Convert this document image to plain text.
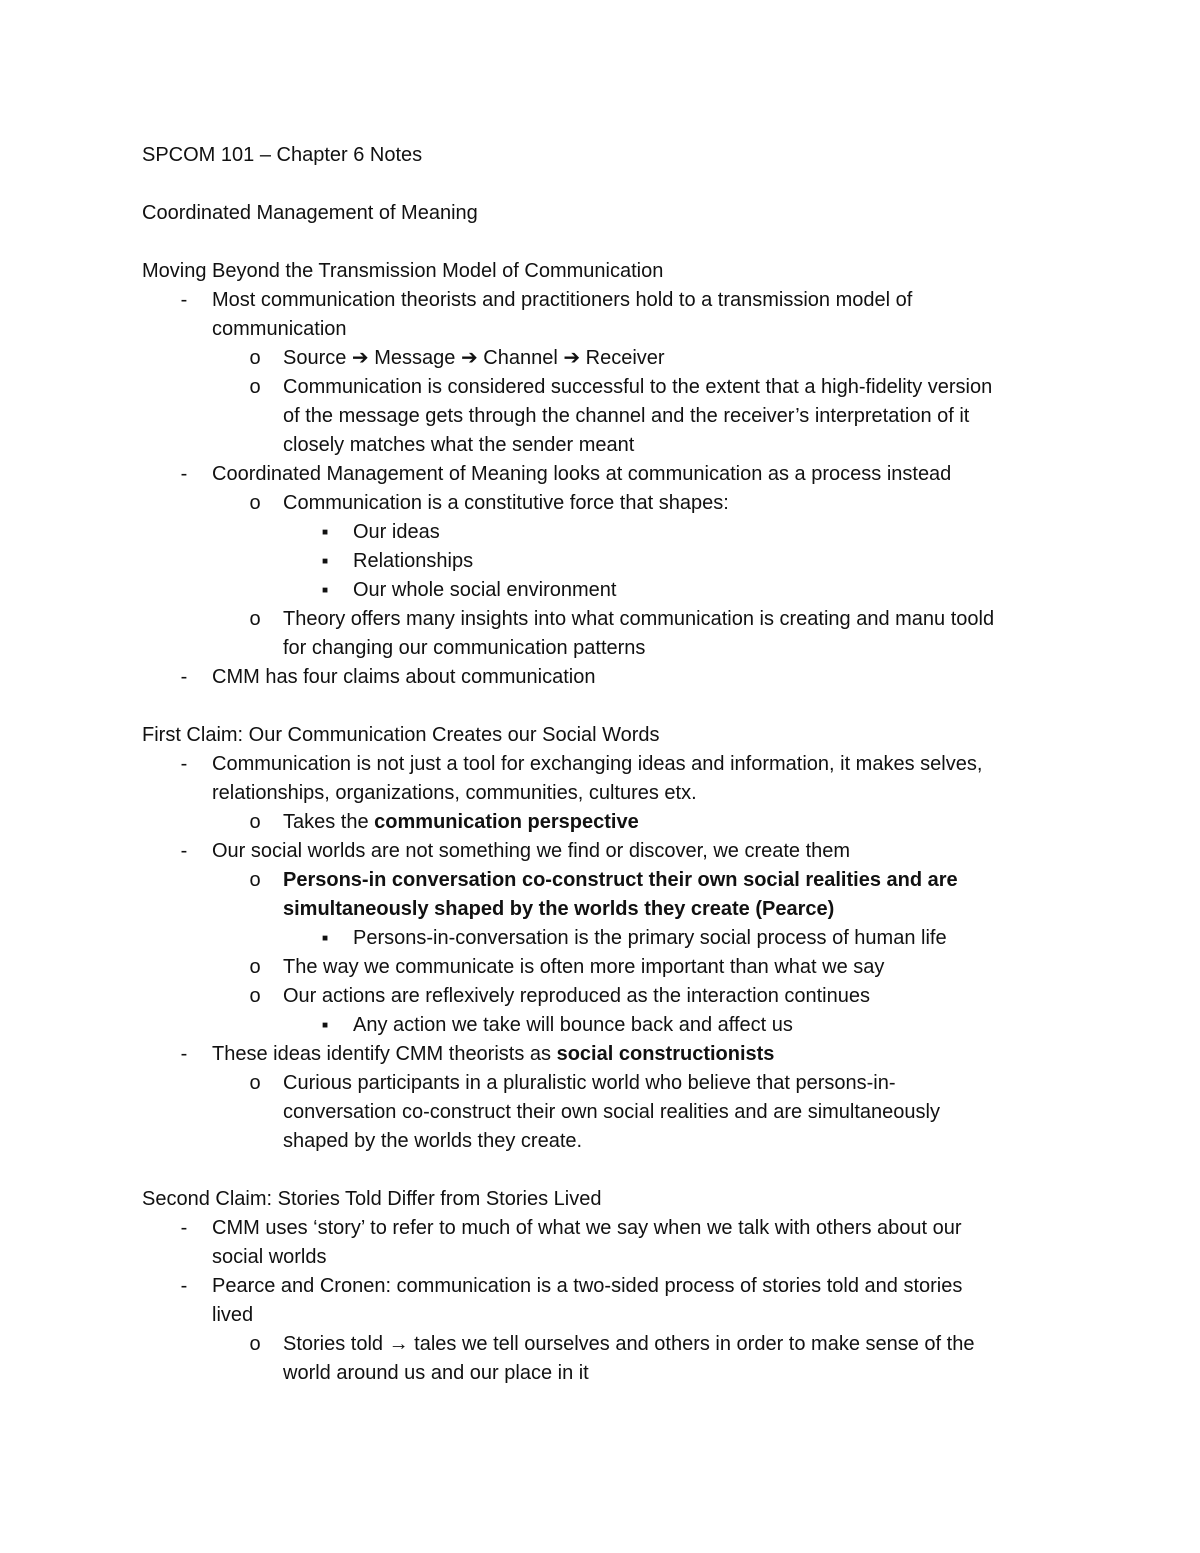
SPCOM 101 – Chapter 6 Notes
Coordinated Management of Meaning
Moving Beyond the Transmission Model of Communication
-	Most communication theorists and practitioners hold to a transmission model of
communication
o	Source ➔ Message ➔ Channel ➔ Receiver
o	Communication is considered successful to the extent that a high-fidelity version
of the message gets through the channel and the receiver’s interpretation of it
closely matches what the sender meant
-	Coordinated Management of Meaning looks at communication as a process instead
o	Communication is a constitutive force that shapes:
■	Our ideas
■	Relationships
■	Our whole social environment
o	Theory offers many insights into what communication is creating and manu toold
for changing our communication patterns
-	CMM has four claims about communication
First Claim: Our Communication Creates our Social Words
-	Communication is not just a tool for exchanging ideas and information, it makes selves,
relationships, organizations, communities, cultures etx.
o	Takes the communication perspective
-	Our social worlds are not something we find or discover, we create them
o	Persons-in conversation co-construct their own social realities and are
simultaneously shaped by the worlds they create (Pearce)
■	Persons-in-conversation is the primary social process of human life
o	The way we communicate is often more important than what we say
o	Our actions are reflexively reproduced as the interaction continues
■	Any action we take will bounce back and affect us
-	These ideas identify CMM theorists as social constructionists
o	Curious participants in a pluralistic world who believe that persons-in-
conversation co-construct their own social realities and are simultaneously
shaped by the worlds they create.
Second Claim: Stories Told Differ from Stories Lived
-	CMM uses ‘story’ to refer to much of what we say when we talk with others about our
social worlds
-	Pearce and Cronen: communication is a two-sided process of stories told and stories
lived
o	Stories told → tales we tell ourselves and others in order to make sense of the
world around us and our place in it
